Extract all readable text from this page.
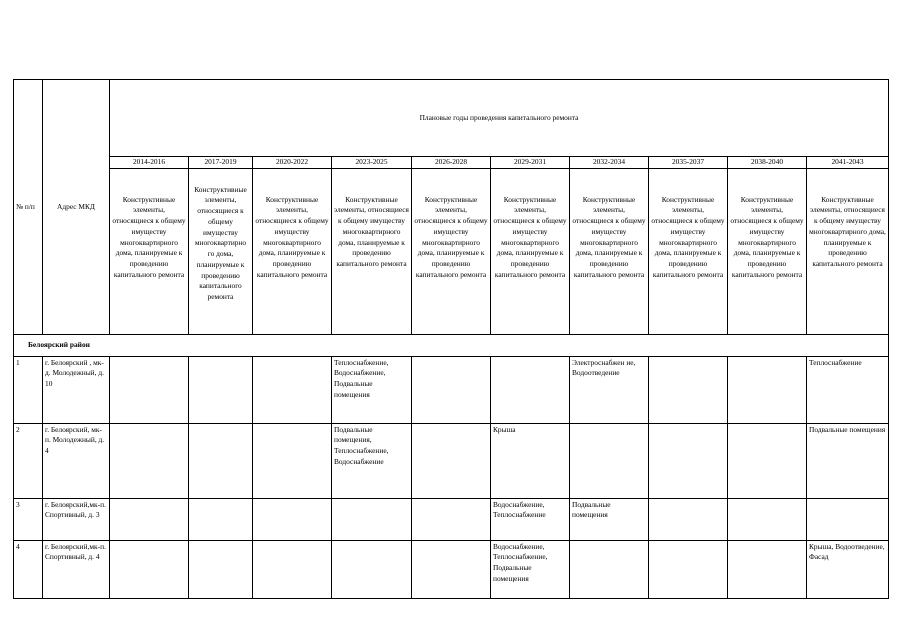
№ п/п	Адрес МКД	Плановые годы проведения капитального ремонта									
		2014-2016	2017-2019	2020-2022	2023-2025	2026-2028	2029-2031	2032-2034	2035-2037	2038-2040	2041-2043
		Конструктивные элементы, относящиеся к общему имуществу многоквартирного дома, планируемые к проведению капитального ремонта	Конструктивные элементы, относящиеся к общему имуществу многоквартирно го дома, планируемые к проведению капитального ремонта	Конструктивные элементы, относящиеся к общему имуществу многоквартирного дома, планируемые к проведению капитального ремонта	Конструктивные элементы, относящиеся к общему имуществу многоквартирного дома, планируемые к проведению капитального ремонта	Конструктивные элементы, относящиеся к общему имуществу многоквартирного дома, планируемые к проведению капитального ремонта	Конструктивные элементы, относящиеся к общему имуществу многоквартирного дома, планируемые к проведению капитального ремонта	Конструктивные элементы, относящиеся к общему имуществу многоквартирного дома, планируемые к проведению капитального ремонта	Конструктивные элементы, относящиеся к общему имуществу многоквартирного дома, планируемые к проведению капитального ремонта	Конструктивные элементы, относящиеся к общему имуществу многоквартирного дома, планируемые к проведению капитального ремонта	Конструктивные элементы, относящиеся к общему имуществу многоквартирного дома, планируемые к проведению капитального ремонта
Белоярский район											
1	г. Белоярский , мк- д. Молодежный, д. 10				Теплоснабжение, Водоснабжение, Подвальные помещения			Электроснабжен ие, Водоотведение			Теплоснабжение
2	г. Белоярский, мк-п. Молодежный, д. 4				Подвальные помещения, Теплоснабжение, Водоснабжение		Крыша				Подвальные помещения
3	г. Белоярский,мк-п. Спортивный, д. 3						Водоснабжение, Теплоснабжение	Подвальные помещения			
4	г. Белоярский,мк-п. Спортивный, д. 4						Водоснабжение, Теплоснабжение, Подвальные помещения				Крыша, Водоотведение, Фасад
